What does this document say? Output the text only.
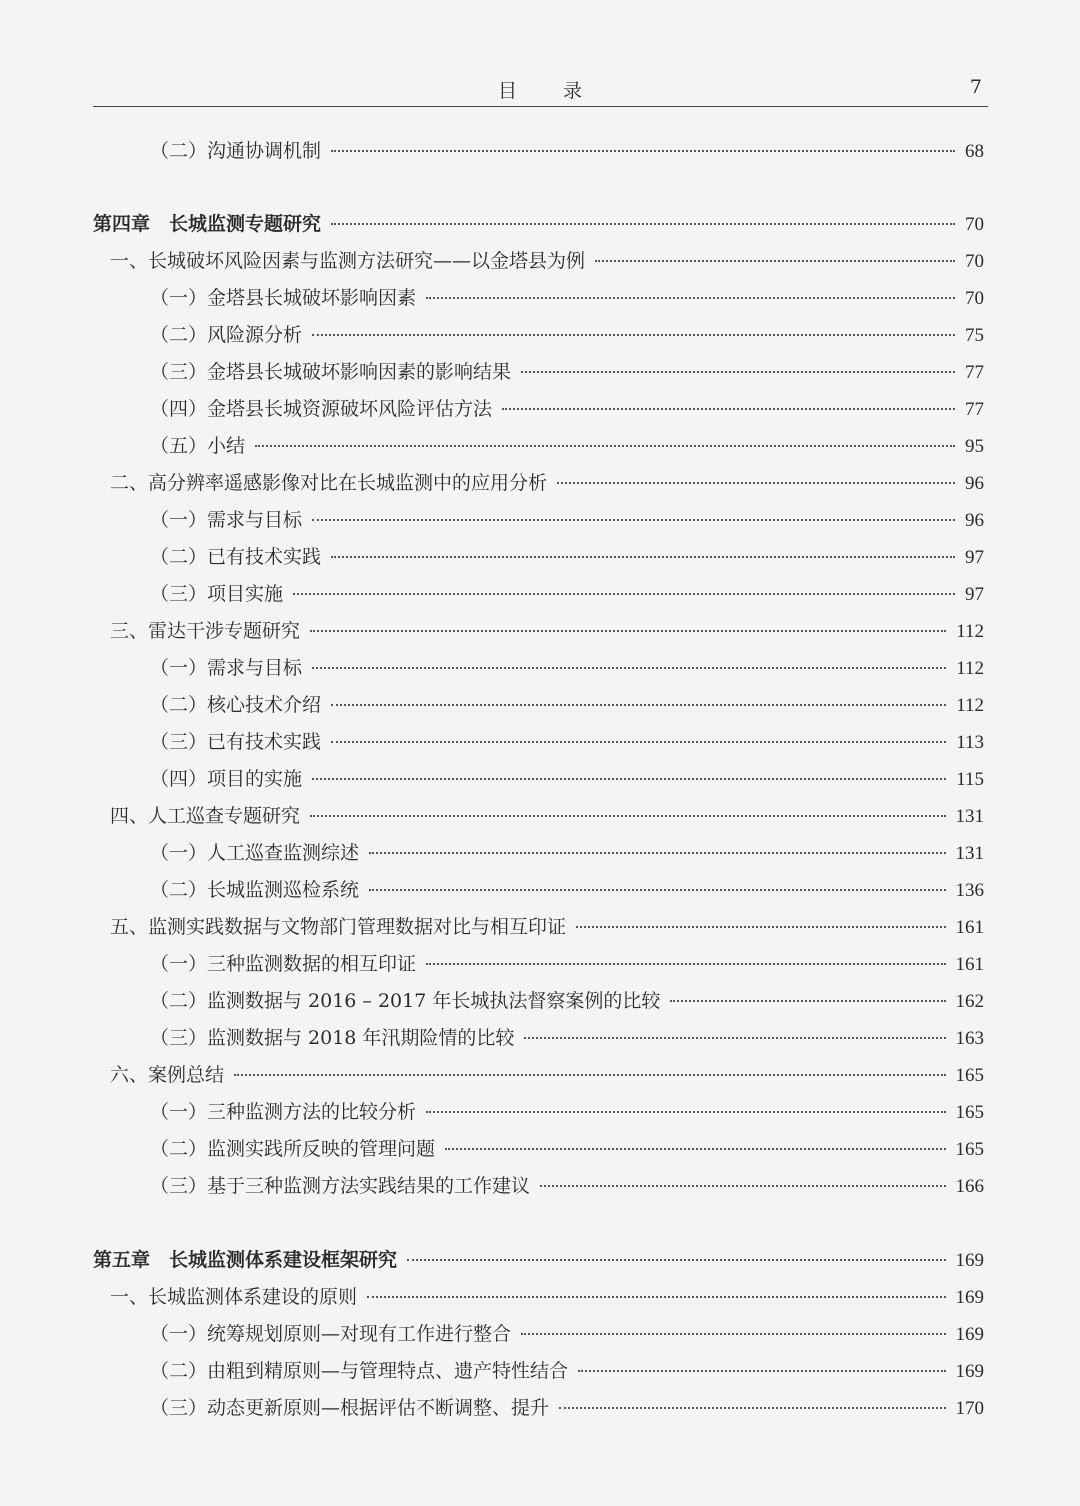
目 录	7
（二）沟通协调机制	68
第四章　长城监测专题研究	70
一、长城破坏风险因素与监测方法研究——以金塔县为例	70
（一）金塔县长城破坏影响因素	70
（二）风险源分析	75
（三）金塔县长城破坏影响因素的影响结果	77
（四）金塔县长城资源破坏风险评估方法	77
（五）小结	95
二、高分辨率遥感影像对比在长城监测中的应用分析	96
（一）需求与目标	96
（二）已有技术实践	97
（三）项目实施	97
三、雷达干涉专题研究	112
（一）需求与目标	112
（二）核心技术介绍	112
（三）已有技术实践	113
（四）项目的实施	115
四、人工巡查专题研究	131
（一）人工巡查监测综述	131
（二）长城监测巡检系统	136
五、监测实践数据与文物部门管理数据对比与相互印证	161
（一）三种监测数据的相互印证	161
（二）监测数据与 2016 – 2017 年长城执法督察案例的比较	162
（三）监测数据与 2018 年汛期险情的比较	163
六、案例总结	165
（一）三种监测方法的比较分析	165
（二）监测实践所反映的管理问题	165
（三）基于三种监测方法实践结果的工作建议	166
第五章　长城监测体系建设框架研究	169
一、长城监测体系建设的原则	169
（一）统筹规划原则—对现有工作进行整合	169
（二）由粗到精原则—与管理特点、遗产特性结合	169
（三）动态更新原则—根据评估不断调整、提升	170
